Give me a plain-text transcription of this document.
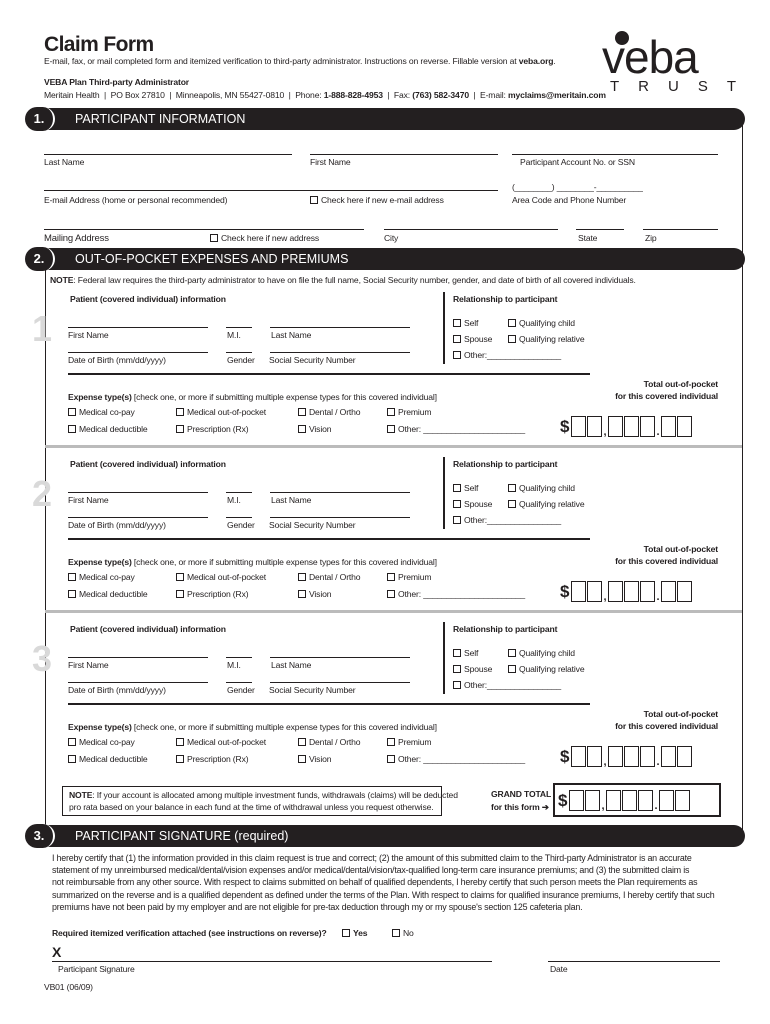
Claim Form
E-mail, fax, or mail completed form and itemized verification to third-party administrator. Instructions on reverse. Fillable version at veba.org.
VEBA Plan Third-party Administrator
Meritain Health | PO Box 27810 | Minneapolis, MN 55427-0810 | Phone: 1-888-828-4953 | Fax: (763) 582-3470 | E-mail: myclaims@meritain.com
veba
TRUST
PARTICIPANT INFORMATION
1.
Last Name	First Name	Participant Account No. or SSN
E-mail Address (home or personal recommended)	Check here if new e-mail address
(________) ________-__________
Area Code and Phone Number
Mailing Address	Check here if new address	City	State	Zip
OUT-OF-POCKET EXPENSES AND PREMIUMS
2.
NOTE: Federal law requires the third-party administrator to have on file the full name, Social Security number, gender, and date of birth of all covered individuals.
1
Patient (covered individual) information	Relationship to participant
First Name	M.I.	Last Name
Date of Birth (mm/dd/yyyy)	Gender Social Security Number
Self	Qualifying child
Spouse	Qualifying relative
Other:________________
Total out-of-pocket
for this covered individual
Expense type(s) [check one, or more if submitting multiple expense types for this covered individual]
Medical co-pay	Medical out-of-pocket	Dental / Ortho	Premium
Medical deductible	Prescription (Rx)	Vision	Other: ______________________ $	,	.
2
Patient (covered individual) information	Relationship to participant
First Name	M.I.	Last Name
Date of Birth (mm/dd/yyyy)	Gender Social Security Number
Self	Qualifying child
Spouse	Qualifying relative
Other:________________
Total out-of-pocket
for this covered individual
Expense type(s) [check one, or more if submitting multiple expense types for this covered individual]
Medical co-pay	Medical out-of-pocket	Dental / Ortho	Premium
Medical deductible	Prescription (Rx)	Vision	Other: ______________________ $	,	.
3
Patient (covered individual) information	Relationship to participant
First Name	M.I.	Last Name
Date of Birth (mm/dd/yyyy)	Gender Social Security Number
Self	Qualifying child
Spouse	Qualifying relative
Other:________________
Total out-of-pocket
for this covered individual
Expense type(s) [check one, or more if submitting multiple expense types for this covered individual]
Medical co-pay	Medical out-of-pocket	Dental / Ortho	Premium
Medical deductible	Prescription (Rx)	Vision	Other: ______________________ $	,	.
NOTE: If your account is allocated among multiple investment funds, withdrawals (claims) will be deducted
pro rata based on your balance in each fund at the time of withdrawal unless you request otherwise.
GRAND TOTAL
for this form ➔ $	,	.
PARTICIPANT SIGNATURE (required)
3.
I hereby certify that (1) the information provided in this claim request is true and correct; (2) the amount of this submitted claim to the Third-party Administrator is an accurate
statement of my unreimbursed medical/dental/vision expenses and/or medical/dental/vision/tax-qualified long-term care insurance premiums; and (3) the submitted claim is
not reimbursable from any other source. With respect to claims submitted on behalf of qualified dependents, I hereby certify that such person meets the Plan requirements as
summarized on the reverse and is a qualified dependent as defined under the terms of the Plan. With respect to claims for qualified insurance premiums, I hereby certify that such
premiums have not been paid by my employer and are not eligible for pre-tax deduction through my or my spouse's section 125 cafeteria plan.
Required itemized verification attached (see instructions on reverse)?	Yes	No
X
Participant Signature	Date
VB01 (06/09)
